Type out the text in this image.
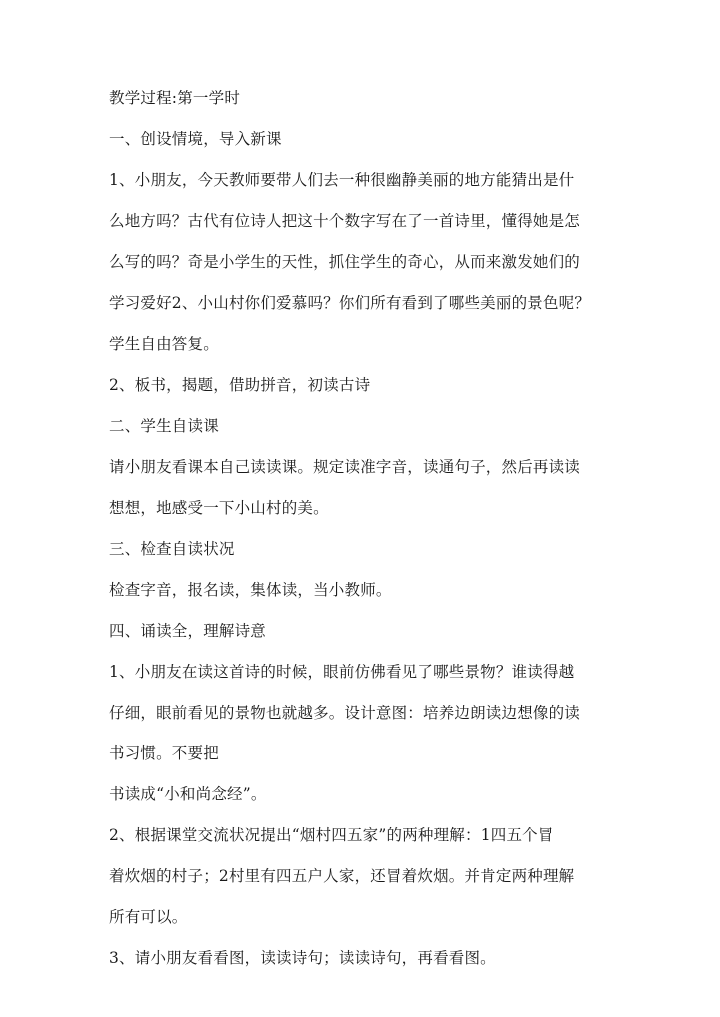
教学过程:第一学时
一、创设情境，导入新课
1、小朋友，今天教师要带人们去一种很幽静美丽的地方能猜出是什
么地方吗？古代有位诗人把这十个数字写在了一首诗里，懂得她是怎
么写的吗？奇是小学生的天性，抓住学生的奇心，从而来激发她们的
学习爱好2、小山村你们爱慕吗？你们所有看到了哪些美丽的景色呢？
学生自由答复。
2、板书，揭题，借助拼音，初读古诗
二、学生自读课
请小朋友看课本自己读读课。规定读准字音，读通句子，然后再读读
想想，地感受一下小山村的美。
三、检查自读状况
检查字音，报名读，集体读，当小教师。
四、诵读全，理解诗意
1、小朋友在读这首诗的时候，眼前仿佛看见了哪些景物？谁读得越
仔细，眼前看见的景物也就越多。设计意图：培养边朗读边想像的读
书习惯。不要把
书读成“小和尚念经”。
2、根据课堂交流状况提出“烟村四五家”的两种理解：1四五个冒
着炊烟的村子；2村里有四五户人家，还冒着炊烟。并肯定两种理解
所有可以。
3、请小朋友看看图，读读诗句；读读诗句，再看看图。
